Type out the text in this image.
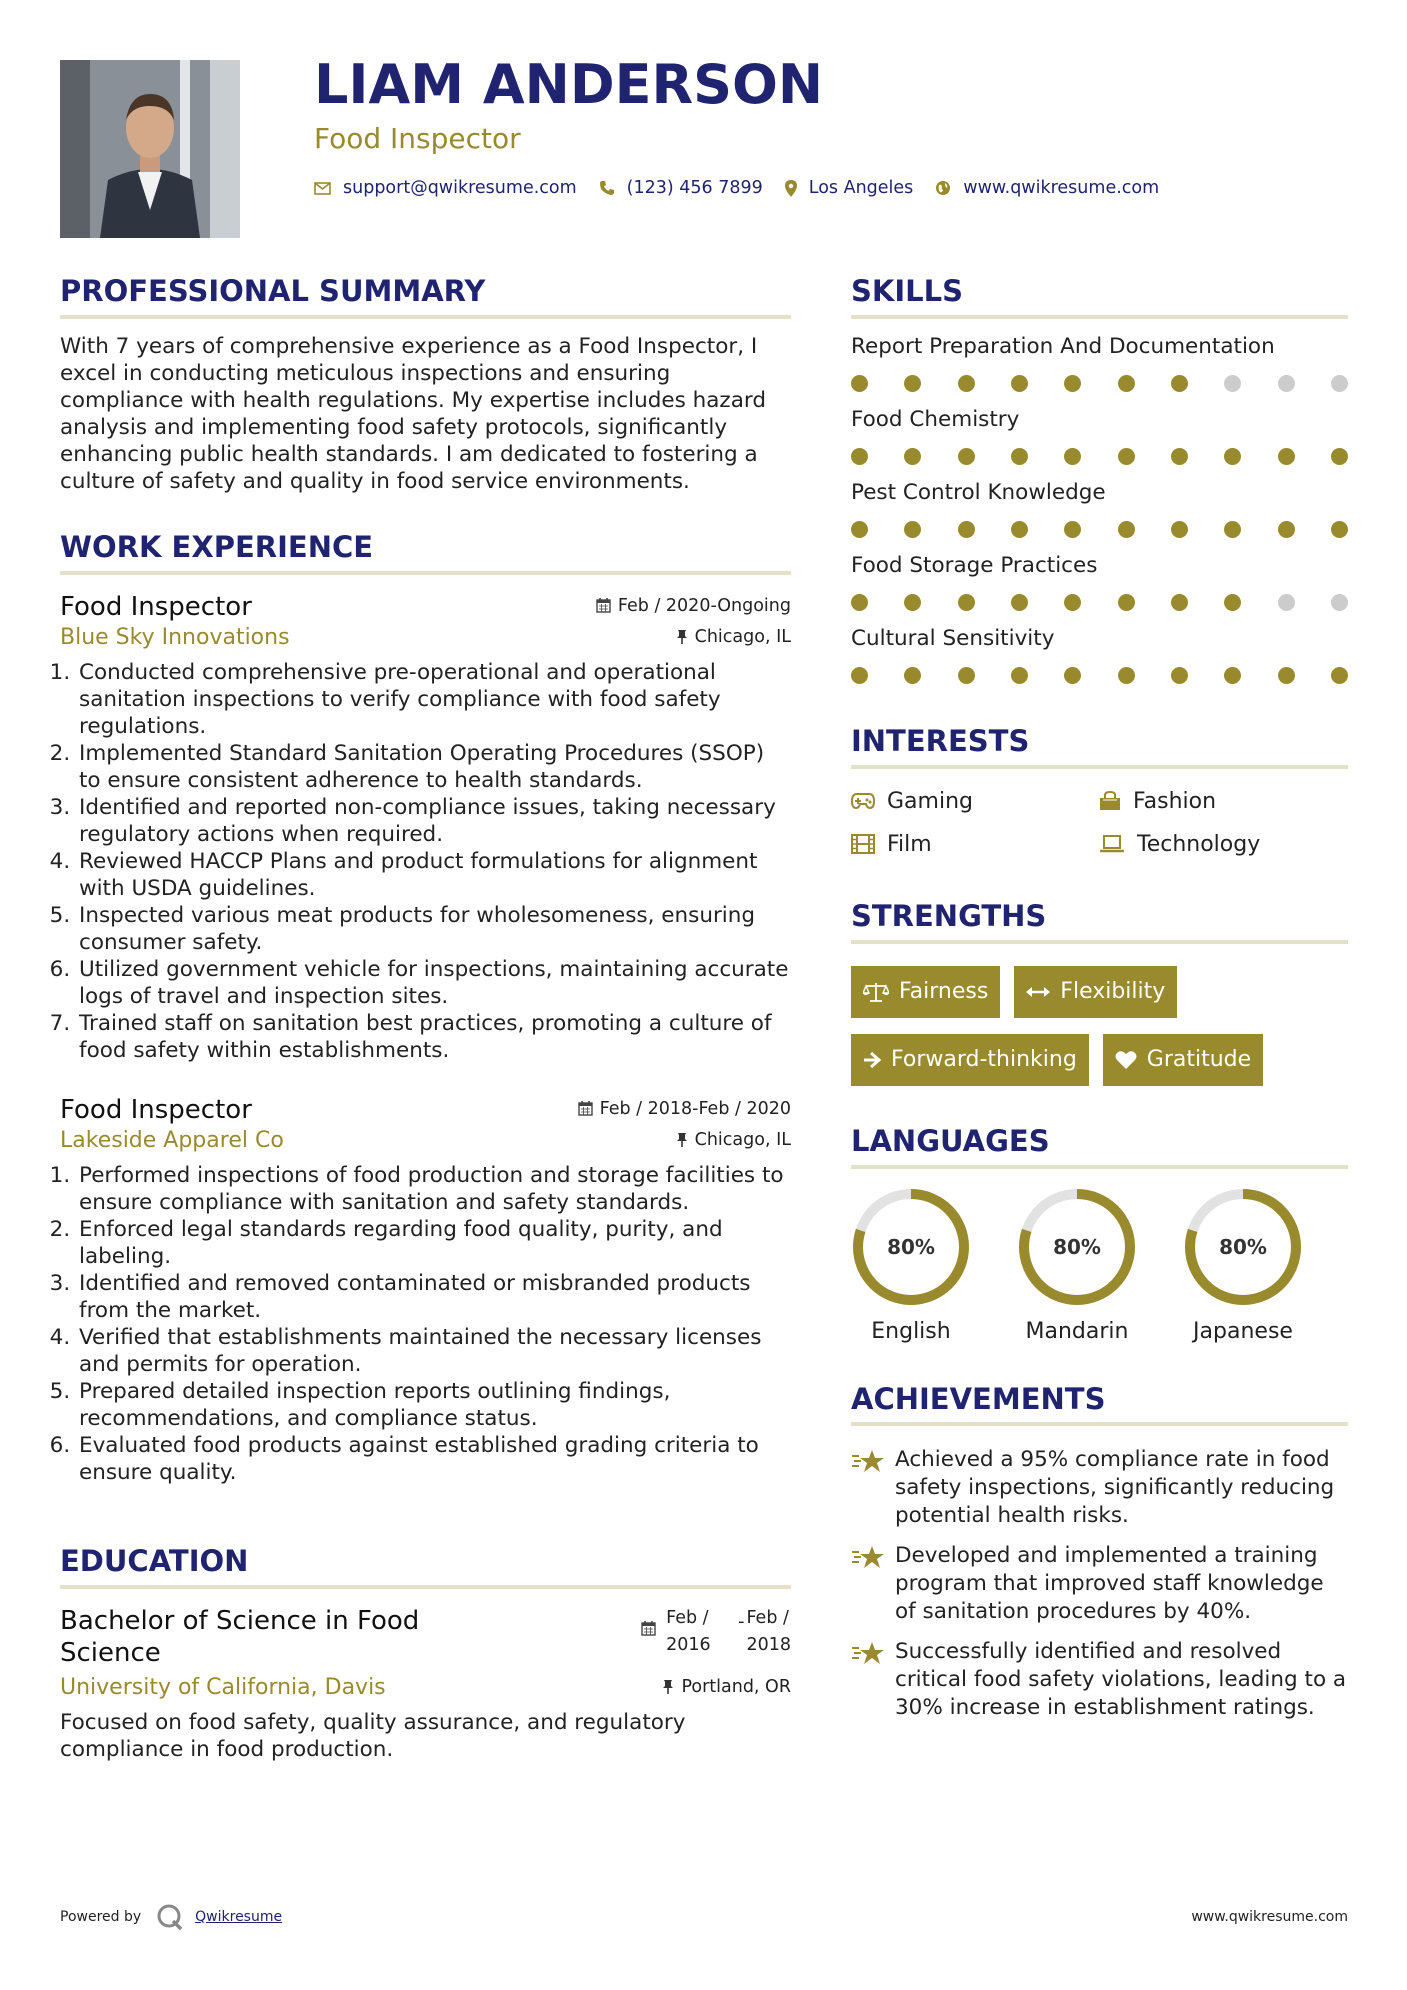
LIAM ANDERSON
Food Inspector
support@qwikresume.com	(123) 456 7899	Los Angeles	www.qwikresume.com
PROFESSIONAL SUMMARY
With 7 years of comprehensive experience as a Food Inspector, I excel in conducting meticulous inspections and ensuring compliance with health regulations. My expertise includes hazard analysis and implementing food safety protocols, significantly enhancing public health standards. I am dedicated to fostering a culture of safety and quality in food service environments.
WORK EXPERIENCE
Food Inspector	Feb / 2020-Ongoing
Blue Sky Innovations	Chicago, IL
1. Conducted comprehensive pre-operational and operational sanitation inspections to verify compliance with food safety regulations.
2. Implemented Standard Sanitation Operating Procedures (SSOP) to ensure consistent adherence to health standards.
3. Identified and reported non-compliance issues, taking necessary regulatory actions when required.
4. Reviewed HACCP Plans and product formulations for alignment with USDA guidelines.
5. Inspected various meat products for wholesomeness, ensuring consumer safety.
6. Utilized government vehicle for inspections, maintaining accurate logs of travel and inspection sites.
7. Trained staff on sanitation best practices, promoting a culture of food safety within establishments.
Food Inspector	Feb / 2018-Feb / 2020
Lakeside Apparel Co	Chicago, IL
1. Performed inspections of food production and storage facilities to ensure compliance with sanitation and safety standards.
2. Enforced legal standards regarding food quality, purity, and labeling.
3. Identified and removed contaminated or misbranded products from the market.
4. Verified that establishments maintained the necessary licenses and permits for operation.
5. Prepared detailed inspection reports outlining findings, recommendations, and compliance status.
6. Evaluated food products against established grading criteria to ensure quality.
EDUCATION
Bachelor of Science in Food Science
Feb /
2016
- Feb /
2018
University of California, Davis	Portland, OR
Focused on food safety, quality assurance, and regulatory compliance in food production.
SKILLS
Report Preparation And Documentation
Food Chemistry
Pest Control Knowledge
Food Storage Practices
Cultural Sensitivity
INTERESTS
Gaming	Fashion
Film	Technology
STRENGTHS
Fairness	Flexibility
Forward-thinking	Gratitude
LANGUAGES
80%
English
80%
Mandarin
80%
Japanese
ACHIEVEMENTS
Achieved a 95% compliance rate in food safety inspections, significantly reducing potential health risks.
Developed and implemented a training program that improved staff knowledge of sanitation procedures by 40%.
Successfully identified and resolved critical food safety violations, leading to a 30% increase in establishment ratings.
Powered by	Qwikresume	www.qwikresume.com
